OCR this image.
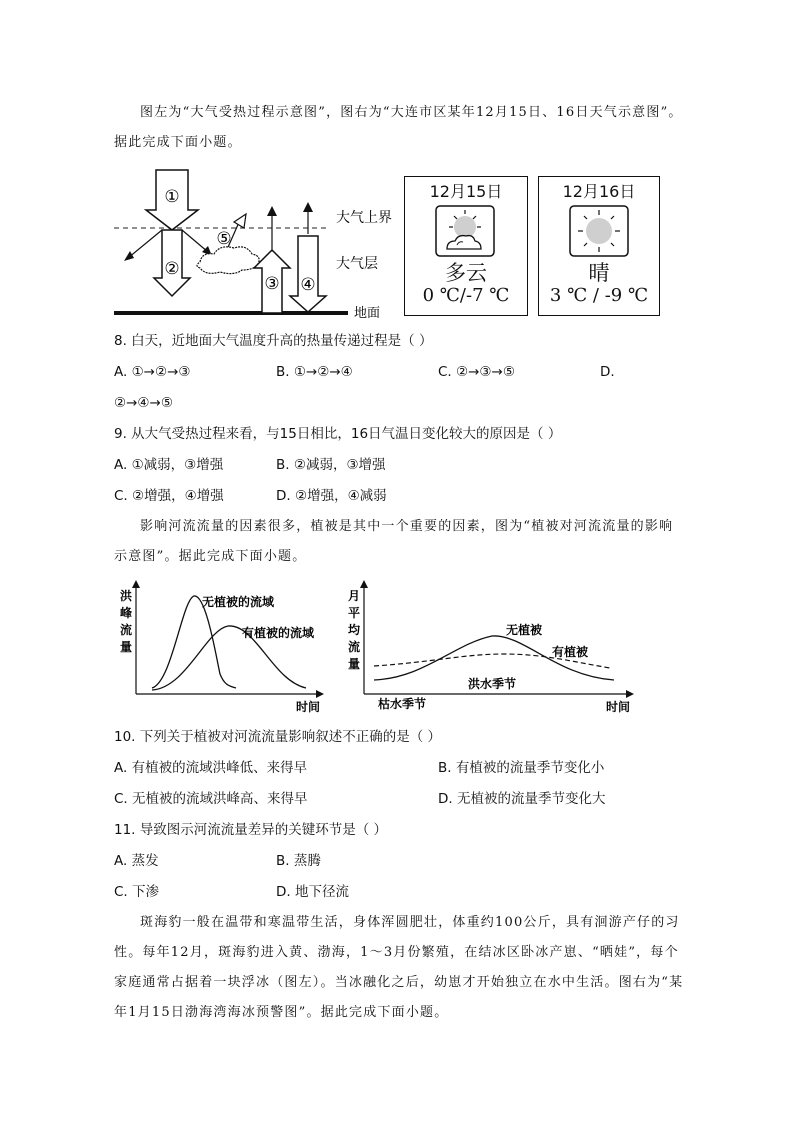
图左为“大气受热过程示意图”，图右为“大连市区某年12月15日、16日天气示意图”。
据此完成下面小题。
①
②
③ ④
⑤
大气上界
大气层
地面
12月15日
多云
0 ℃/-7 ℃
12月16日
晴
3 ℃ / -9 ℃
8. 白天，近地面大气温度升高的热量传递过程是（ ）
A. ①→②→③	B. ①→②→④	C. ②→③→⑤	D.
②→④→⑤
9. 从大气受热过程来看，与15日相比，16日气温日变化较大的原因是（ ）
A. ①减弱，③增强	B. ②减弱，③增强
C. ②增强，④增强	D. ②增强，④减弱
影响河流流量的因素很多，植被是其中一个重要的因素，图为“植被对河流流量的影响
示意图”。据此完成下面小题。
洪
峰
流
量
无植被的流域
有植被的流域
时间
月
平
均
流
量
无植被
有植被
洪水季节
枯水季节	时间
10. 下列关于植被对河流流量影响叙述不正确的是（ ）
A. 有植被的流域洪峰低、来得早	B. 有植被的流量季节变化小
C. 无植被的流域洪峰高、来得早	D. 无植被的流量季节变化大
11. 导致图示河流流量差异的关键环节是（ ）
A. 蒸发	B. 蒸腾
C. 下渗	D. 地下径流
斑海豹一般在温带和寒温带生活，身体浑圆肥壮，体重约100公斤，具有洄游产仔的习
性。每年12月，斑海豹进入黄、渤海，1～3月份繁殖，在结冰区卧冰产崽、“晒娃”，每个
家庭通常占据着一块浮冰（图左）。当冰融化之后，幼崽才开始独立在水中生活。图右为“某
年1月15日渤海湾海冰预警图”。据此完成下面小题。
